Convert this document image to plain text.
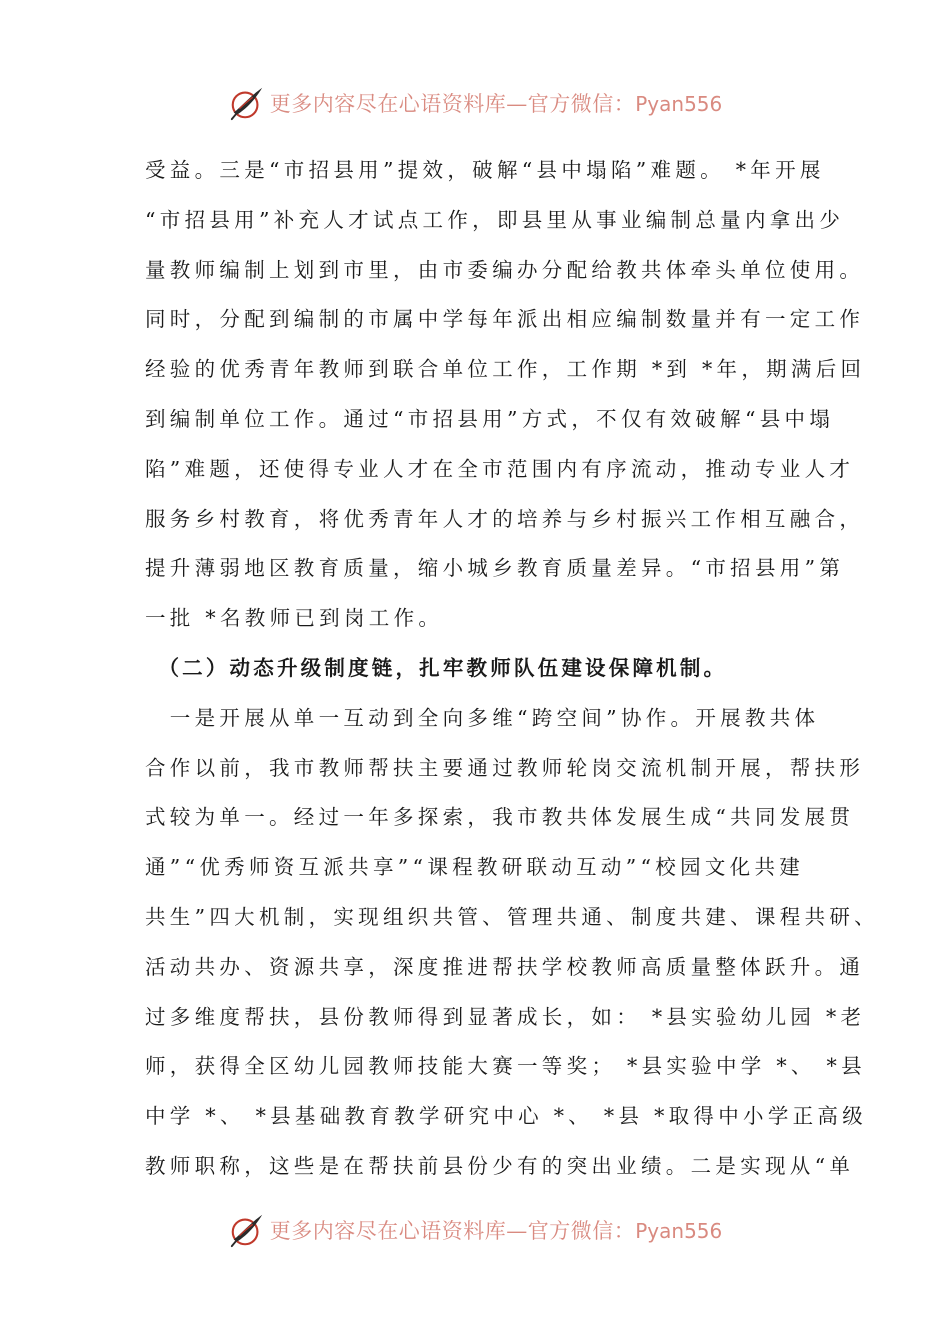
更多内容尽在心语资料库—官方微信：Pyan556
受益。三是“市招县用”提效，破解“县中塌陷”难题。 *年开展
“市招县用”补充人才试点工作，即县里从事业编制总量内拿出少
量教师编制上划到市里，由市委编办分配给教共体牵头单位使用。
同时，分配到编制的市属中学每年派出相应编制数量并有一定工作
经验的优秀青年教师到联合单位工作，工作期 *到 *年，期满后回
到编制单位工作。通过“市招县用”方式，不仅有效破解“县中塌
陷”难题，还使得专业人才在全市范围内有序流动，推动专业人才
服务乡村教育，将优秀青年人才的培养与乡村振兴工作相互融合，
提升薄弱地区教育质量，缩小城乡教育质量差异。“市招县用”第
一批 *名教师已到岗工作。
　（二）动态升级制度链，扎牢教师队伍建设保障机制。
　一是开展从单一互动到全向多维“跨空间”协作。开展教共体
合作以前，我市教师帮扶主要通过教师轮岗交流机制开展，帮扶形
式较为单一。经过一年多探索，我市教共体发展生成“共同发展贯
通”“优秀师资互派共享”“课程教研联动互动”“校园文化共建
共生”四大机制，实现组织共管、管理共通、制度共建、课程共研、
活动共办、资源共享，深度推进帮扶学校教师高质量整体跃升。通
过多维度帮扶，县份教师得到显著成长，如： *县实验幼儿园 *老
师，获得全区幼儿园教师技能大赛一等奖； *县实验中学 *、 *县
中学 *、 *县基础教育教学研究中心 *、 *县 *取得中小学正高级
教师职称，这些是在帮扶前县份少有的突出业绩。二是实现从“单
更多内容尽在心语资料库—官方微信：Pyan556
